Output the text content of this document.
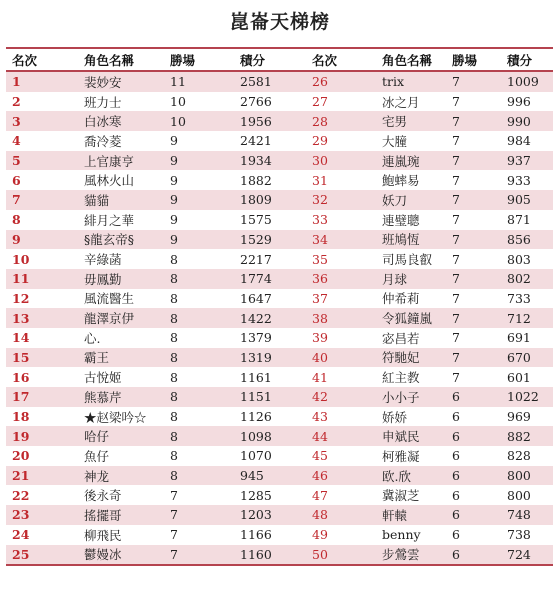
崑崙天梯榜
名次	角色名稱	勝場	積分	名次	角色名稱	勝場	積分
1	裴妙安	11	2581	26	trix	7	1009
2	班力士	10	2766	27	冰之月	7	996
3	白冰寒	10	1956	28	宅男	7	990
4	喬冷菱	9	2421	29	大膧	7	984
5	上官康亨	9	1934	30	連嵐琬	7	937
6	風林火山	9	1882	31	鮑蟀易	7	933
7	貓貓	9	1809	32	妖刀	7	905
8	緋月之華	9	1575	33	連璧聰	7	871
9	§龍玄帝§	9	1529	34	班鳩恆	7	856
10	辛綠菡	8	2217	35	司馬良叡	7	803
11	毋鳳勤	8	1774	36	月球	7	802
12	風流醫生	8	1647	37	仲希莉	7	733
13	龍澤京伊	8	1422	38	令狐鐘嵐	7	712
14	心.	8	1379	39	宓昌若	7	691
15	霸王	8	1319	40	符馳妃	7	670
16	古悅姬	8	1161	41	紅主教	7	601
17	熊慕芹	8	1151	42	小小子	6	1022
18	★赵梁吟☆	8	1126	43	娇娇	6	969
19	哈仔	8	1098	44	申斌民	6	882
20	魚仔	8	1070	45	柯雅凝	6	828
21	神龙	8	945	46	欧.欣	6	800
22	後永奇	7	1285	47	冀淑芝	6	800
23	搖擺哥	7	1203	48	軒轅	6	748
24	柳飛民	7	1166	49	benny	6	738
25	鬱嫚冰	7	1160	50	步鶯雲	6	724
